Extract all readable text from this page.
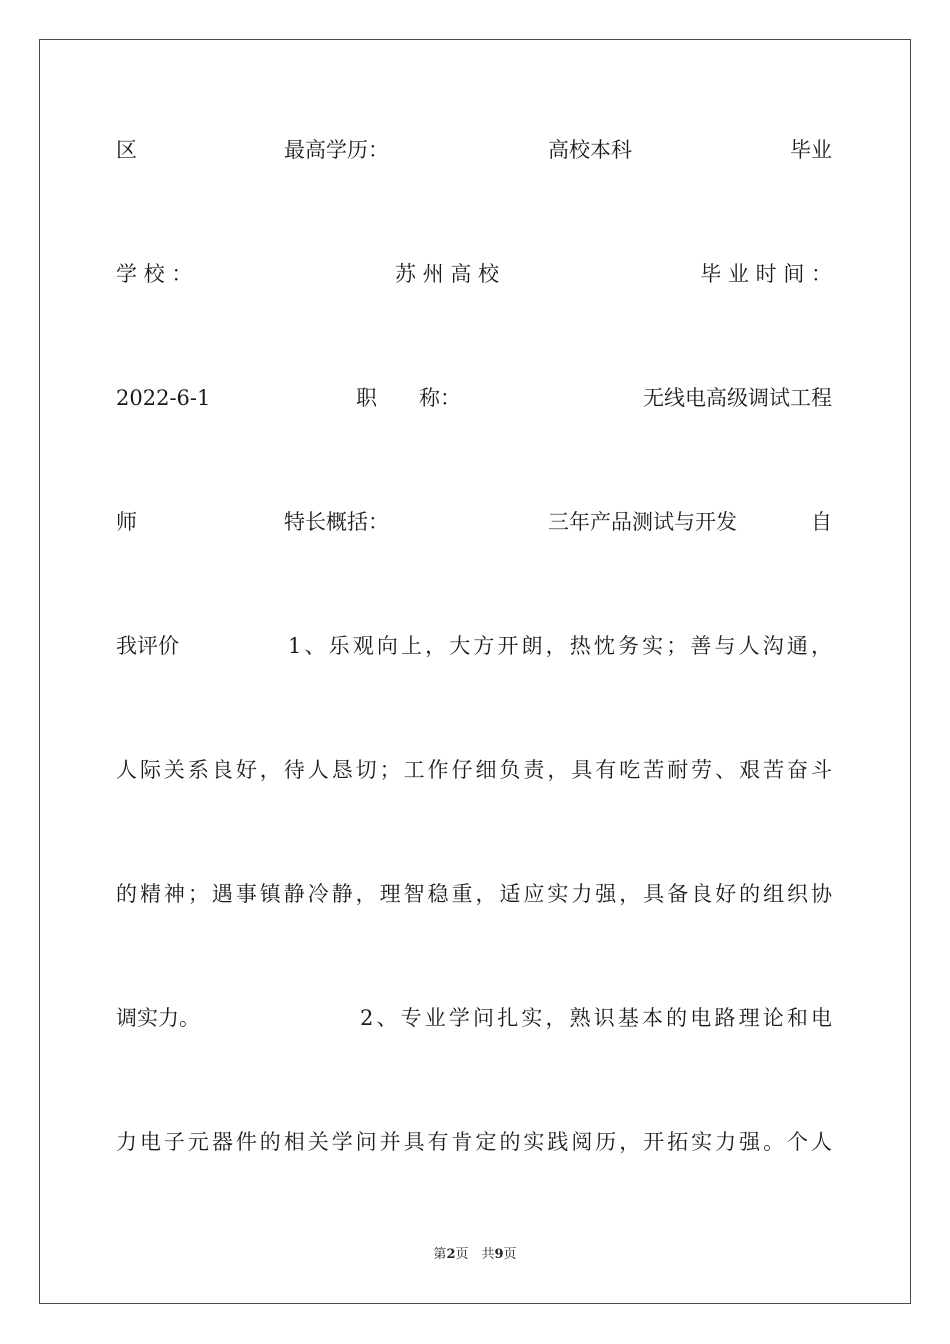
区	最高学历：	高校本科	毕业
学 校 ：	苏 州 高 校	毕 业 时 间 ：
2022-6-1	职　　称：	无线电高级调试工程
师	特长概括：	三年产品测试与开发	自
我评价	1、乐观向上，大方开朗，热忱务实；善与人沟通，
人际关系良好，待人恳切；工作仔细负责，具有吃苦耐劳、艰苦奋斗
的精神；遇事镇静冷静，理智稳重，适应实力强，具备良好的组织协
调实力。	2、专业学问扎实，熟识基本的电路理论和电
力电子元器件的相关学问并具有肯定的实践阅历，开拓实力强。个人
第2页　共9页
